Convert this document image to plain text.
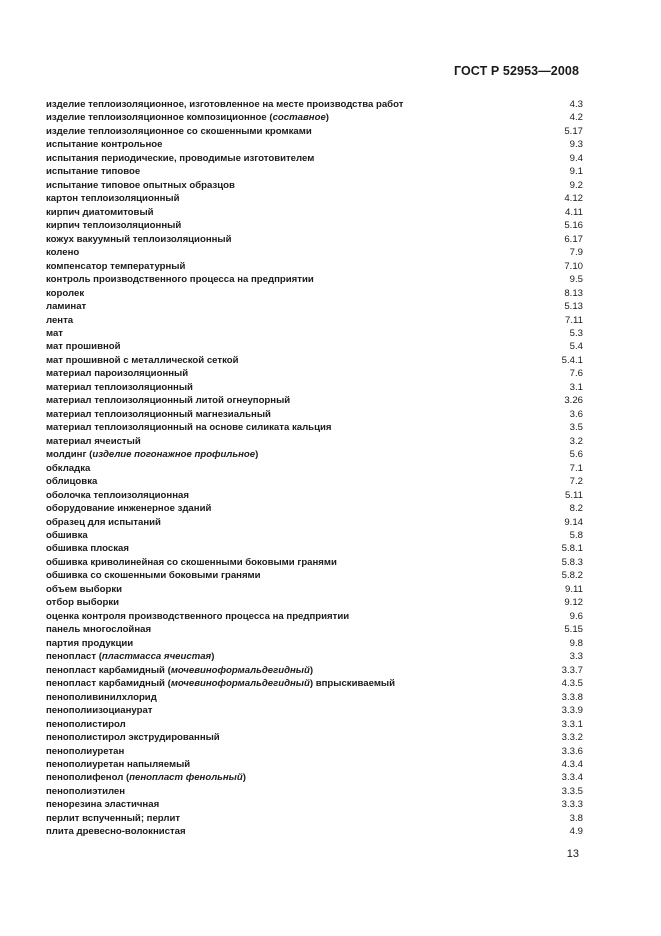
ГОСТ Р 52953—2008
изделие теплоизоляционное, изготовленное на месте производства работ	4.3
изделие теплоизоляционное композиционное (составное)	4.2
изделие теплоизоляционное со скошенными кромками	5.17
испытание контрольное	9.3
испытания периодические, проводимые изготовителем	9.4
испытание типовое	9.1
испытание типовое опытных образцов	9.2
картон теплоизоляционный	4.12
кирпич диатомитовый	4.11
кирпич теплоизоляционный	5.16
кожух вакуумный теплоизоляционный	6.17
колено	7.9
компенсатор температурный	7.10
контроль производственного процесса на предприятии	9.5
королек	8.13
ламинат	5.13
лента	7.11
мат	5.3
мат прошивной	5.4
мат прошивной с металлической сеткой	5.4.1
материал пароизоляционный	7.6
материал теплоизоляционный	3.1
материал теплоизоляционный литой огнеупорный	3.26
материал теплоизоляционный магнезиальный	3.6
материал теплоизоляционный на основе силиката кальция	3.5
материал ячеистый	3.2
молдинг (изделие погонажное профильное)	5.6
обкладка	7.1
облицовка	7.2
оболочка теплоизоляционная	5.11
оборудование инженерное зданий	8.2
образец для испытаний	9.14
обшивка	5.8
обшивка плоская	5.8.1
обшивка криволинейная со скошенными боковыми гранями	5.8.3
обшивка со скошенными боковыми гранями	5.8.2
объем выборки	9.11
отбор выборки	9.12
оценка контроля производственного процесса на предприятии	9.6
панель многослойная	5.15
партия продукции	9.8
пенопласт (пластмасса ячеистая)	3.3
пенопласт карбамидный (мочевиноформальдегидный)	3.3.7
пенопласт карбамидный (мочевиноформальдегидный) впрыскиваемый	4.3.5
пенополивинилхлорид	3.3.8
пенополиизоцианурат	3.3.9
пенополистирол	3.3.1
пенополистирол экструдированный	3.3.2
пенополиуретан	3.3.6
пенополиуретан напыляемый	4.3.4
пенополифенол (пенопласт фенольный)	3.3.4
пенополиэтилен	3.3.5
пенорезина эластичная	3.3.3
перлит вспученный; перлит	3.8
плита древесно-волокнистая	4.9
13
